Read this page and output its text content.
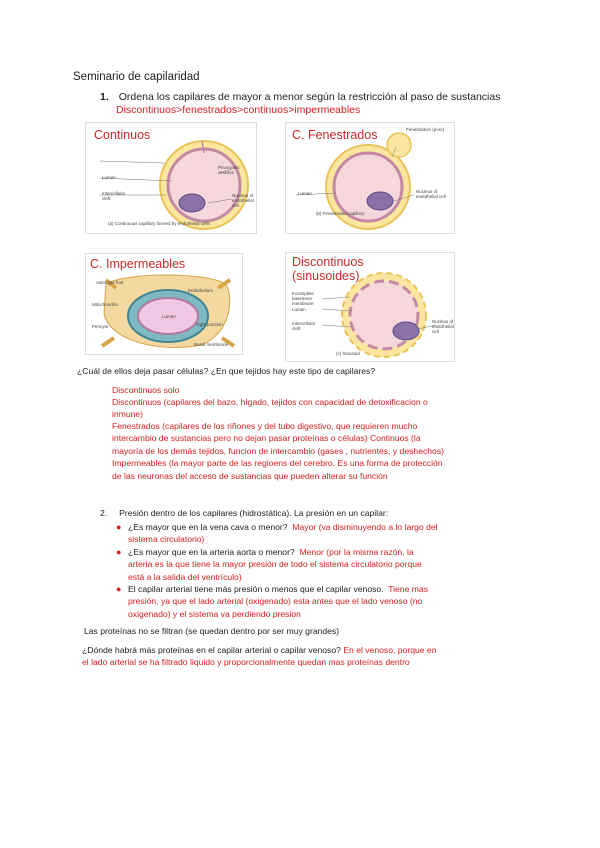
Seminario de capilaridad
1. Ordena los capilares de mayor a menor según la restricción al paso de sustancias
Discontinuos>fenestrados>continuos>impermeables
Continuos
Pinocytotic vesicles
Lumen
Intercellular cleft
Nucleus of endothelial cell
(a) Continuous capillary formed by endothelial cells
C. Fenestrados	Fenestration (pore)
Lumen	Nucleus of endothelial cell
(b) Fenestrated capillary
C. Impermeables
Astrocyte foot
Endothelium
Mitochondria
Lumen
Pericyte	Tight junction
Basal membrane
Discontinuos
(sinusoides)
Incomplete basement membrane
Lumen
Intercellular cleft
Nucleus of endothelial cell
(c) Sinusoid
¿Cuál de ellos deja pasar células? ¿En que tejidos hay este tipo de capilares?
Discontinuos solo
Discontinuos (capilares del bazo, hígado, tejidos con capacidad de detoxificacion o inmune)
Fenestrados (capilares de los riñones y del tubo digestivo, que requieren mucho intercambio de sustancias pero no dejan pasar proteínas o células) Continuos (la mayoría de los demás tejidos, funcion de intercambio (gases , nutrientes, y deshechos) Impermeables (la mayor parte de las regioens del cerebro. Es una forma de protección de las neuronas del acceso de sustancias que pueden alterar su función
2. Presión dentro de los capilares (hidrostática). La presión en un capilar:
● ¿Es mayor que en la vena cava o menor? Mayor (va disminuyendo a lo largo del sistema circulatorio)
● ¿Es mayor que en la arteria aorta o menor? Menor (por la misma razón, la arteria es la que tiene la mayor presión de todo el sistema circulatorio porque está a la salida del ventrículo)
● El capilar arterial tiene más presión o menos que el capilar venoso. Tiene mas presión, ya que el lado arterial (oxigenado) esta antes que el lado venoso (no oxigenado) y el sistema va perdiendo presion
Las proteínas no se filtran (se quedan dentro por ser muy grandes)
¿Dónde habrá más proteínas en el capilar arterial o capilar venoso? En el venoso, porque en el lado arterial se ha filtrado liquido y proporcionalmente quedan mas proteínas dentro
